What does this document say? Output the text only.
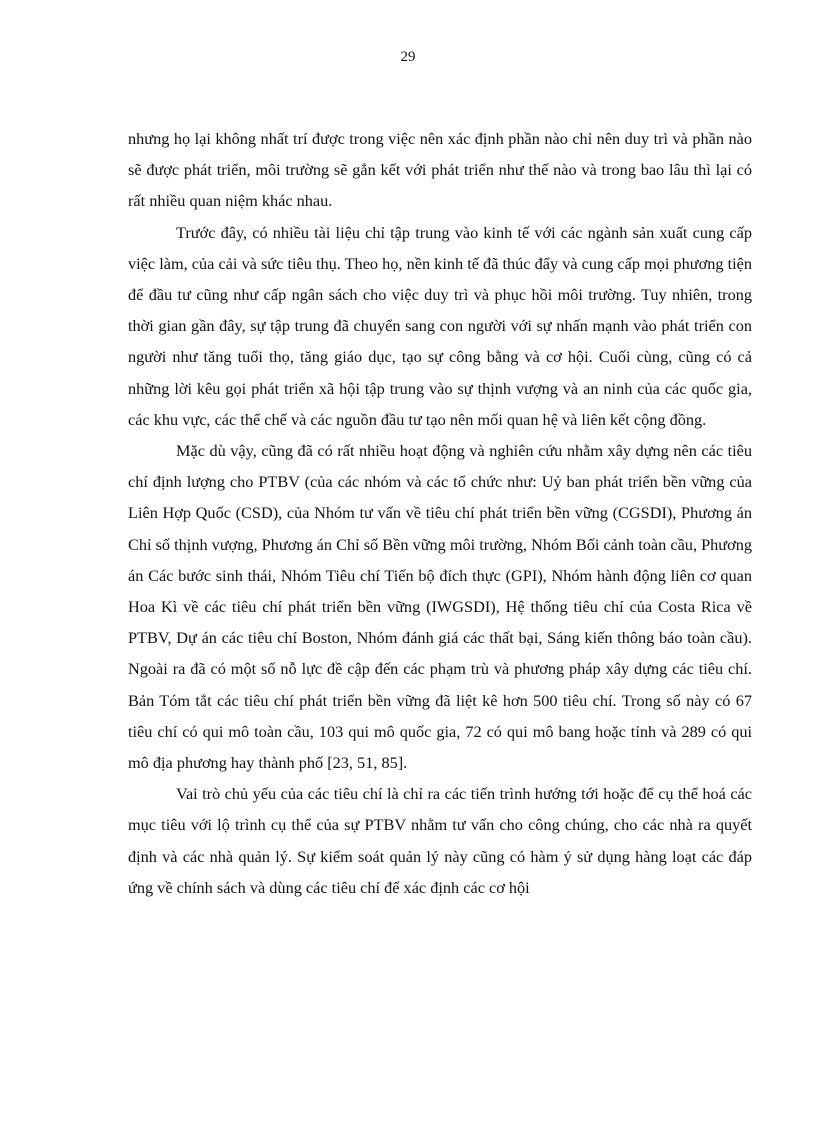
29

nhưng họ lại không nhất trí được trong việc nên xác định phần nào chỉ nên duy trì và phần nào sẽ được phát triển, môi trường sẽ gắn kết với phát triển như thế nào và trong bao lâu thì lại có rất nhiều quan niệm khác nhau.

Trước đây, có nhiều tài liệu chỉ tập trung vào kinh tế với các ngành sản xuất cung cấp việc làm, của cải và sức tiêu thụ. Theo họ, nền kinh tế đã thúc đẩy và cung cấp mọi phương tiện để đầu tư cũng như cấp ngân sách cho việc duy trì và phục hồi môi trường. Tuy nhiên, trong thời gian gần đây, sự tập trung đã chuyển sang con người với sự nhấn mạnh vào phát triển con người như tăng tuổi thọ, tăng giáo dục, tạo sự công bằng và cơ hội. Cuối cùng, cũng có cả những lời kêu gọi phát triển xã hội tập trung vào sự thịnh vượng và an ninh của các quốc gia, các khu vực, các thể chế và các nguồn đầu tư tạo nên mối quan hệ và liên kết cộng đồng.

Mặc dù vậy, cũng đã có rất nhiều hoạt động và nghiên cứu nhằm xây dựng nên các tiêu chí định lượng cho PTBV (của các nhóm và các tổ chức như: Uỷ ban phát triển bền vững của Liên Hợp Quốc (CSD), của Nhóm tư vấn về tiêu chí phát triển bền vững (CGSDI), Phương án Chỉ số thịnh vượng, Phương án Chỉ số Bền vững môi trường, Nhóm Bối cảnh toàn cầu, Phương án Các bước sinh thái, Nhóm Tiêu chí Tiến bộ đích thực (GPI), Nhóm hành động liên cơ quan Hoa Kì về các tiêu chí phát triển bền vững (IWGSDI), Hệ thống tiêu chí của Costa Rica về PTBV, Dự án các tiêu chí Boston, Nhóm đánh giá các thất bại, Sáng kiến thông báo toàn cầu). Ngoài ra đã có một số nỗ lực đề cập đến các phạm trù và phương pháp xây dựng các tiêu chí. Bản Tóm tắt các tiêu chí phát triển bền vững đã liệt kê hơn 500 tiêu chí. Trong số này có 67 tiêu chí có qui mô toàn cầu, 103 qui mô quốc gia, 72 có qui mô bang hoặc tỉnh và 289 có qui mô địa phương hay thành phố [23, 51, 85].

Vai trò chủ yếu của các tiêu chí là chỉ ra các tiến trình hướng tới hoặc để cụ thể hoá các mục tiêu với lộ trình cụ thể của sự PTBV nhằm tư vấn cho công chúng, cho các nhà ra quyết định và các nhà quản lý. Sự kiểm soát quản lý này cũng có hàm ý sử dụng hàng loạt các đáp ứng về chính sách và dùng các tiêu chí để xác định các cơ hội
